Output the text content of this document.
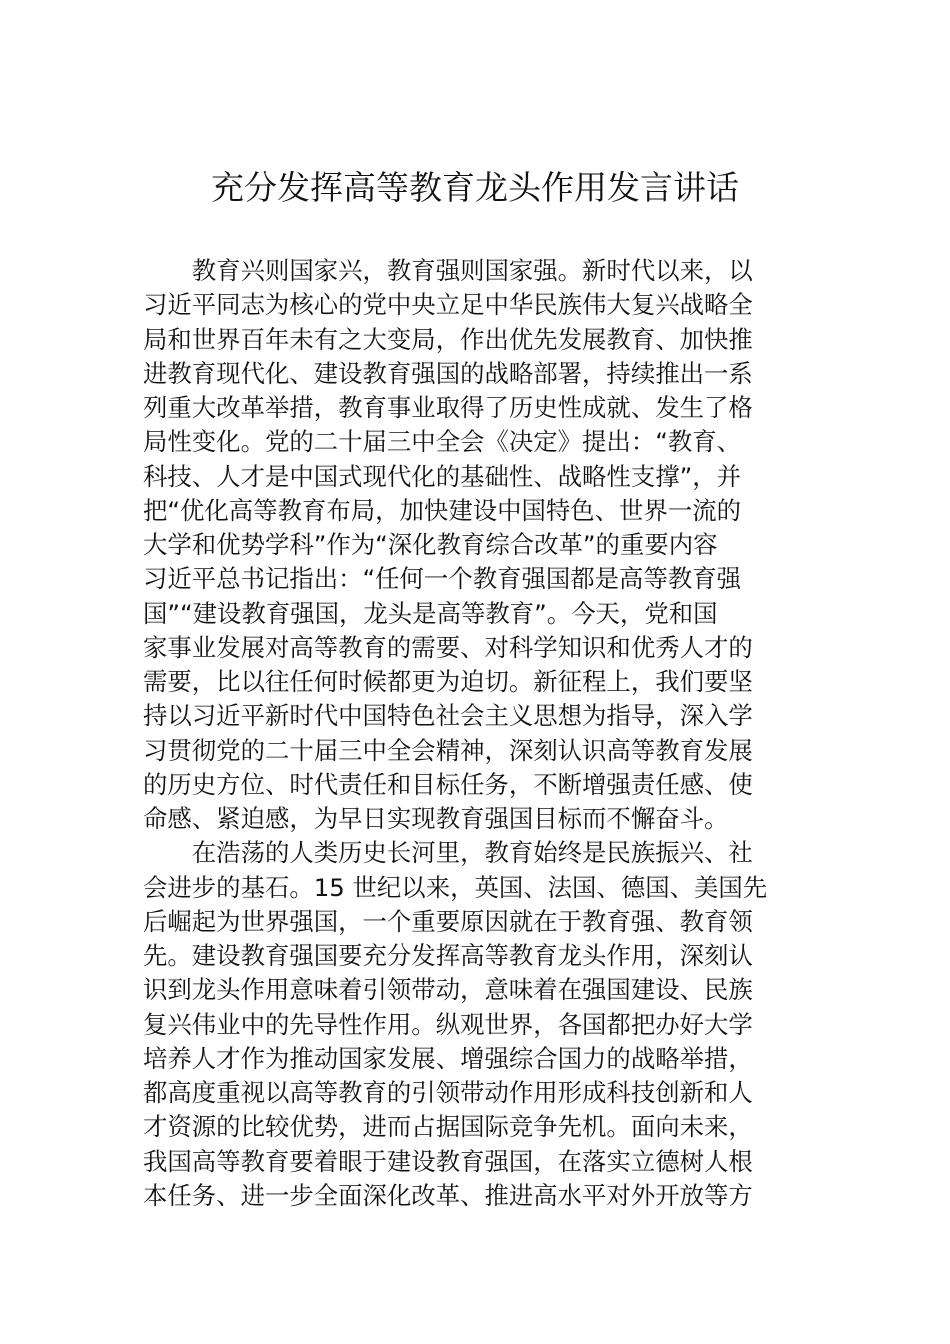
充分发挥高等教育龙头作用发言讲话
　　教育兴则国家兴，教育强则国家强。新时代以来，以
习近平同志为核心的党中央立足中华民族伟大复兴战略全
局和世界百年未有之大变局，作出优先发展教育、加快推
进教育现代化、建设教育强国的战略部署，持续推出一系
列重大改革举措，教育事业取得了历史性成就、发生了格
局性变化。党的二十届三中全会《决定》提出：“教育、
科技、人才是中国式现代化的基础性、战略性支撑”，并
把“优化高等教育布局，加快建设中国特色、世界一流的
大学和优势学科”作为“深化教育综合改革”的重要内容
习近平总书记指出：“任何一个教育强国都是高等教育强
国”“建设教育强国，龙头是高等教育”。今天，党和国
家事业发展对高等教育的需要、对科学知识和优秀人才的
需要，比以往任何时候都更为迫切。新征程上，我们要坚
持以习近平新时代中国特色社会主义思想为指导，深入学
习贯彻党的二十届三中全会精神，深刻认识高等教育发展
的历史方位、时代责任和目标任务，不断增强责任感、使
命感、紧迫感，为早日实现教育强国目标而不懈奋斗。
　　在浩荡的人类历史长河里，教育始终是民族振兴、社
会进步的基石。15 世纪以来，英国、法国、德国、美国先
后崛起为世界强国，一个重要原因就在于教育强、教育领
先。建设教育强国要充分发挥高等教育龙头作用，深刻认
识到龙头作用意味着引领带动，意味着在强国建设、民族
复兴伟业中的先导性作用。纵观世界，各国都把办好大学
培养人才作为推动国家发展、增强综合国力的战略举措，
都高度重视以高等教育的引领带动作用形成科技创新和人
才资源的比较优势，进而占据国际竞争先机。面向未来，
我国高等教育要着眼于建设教育强国，在落实立德树人根
本任务、进一步全面深化改革、推进高水平对外开放等方
